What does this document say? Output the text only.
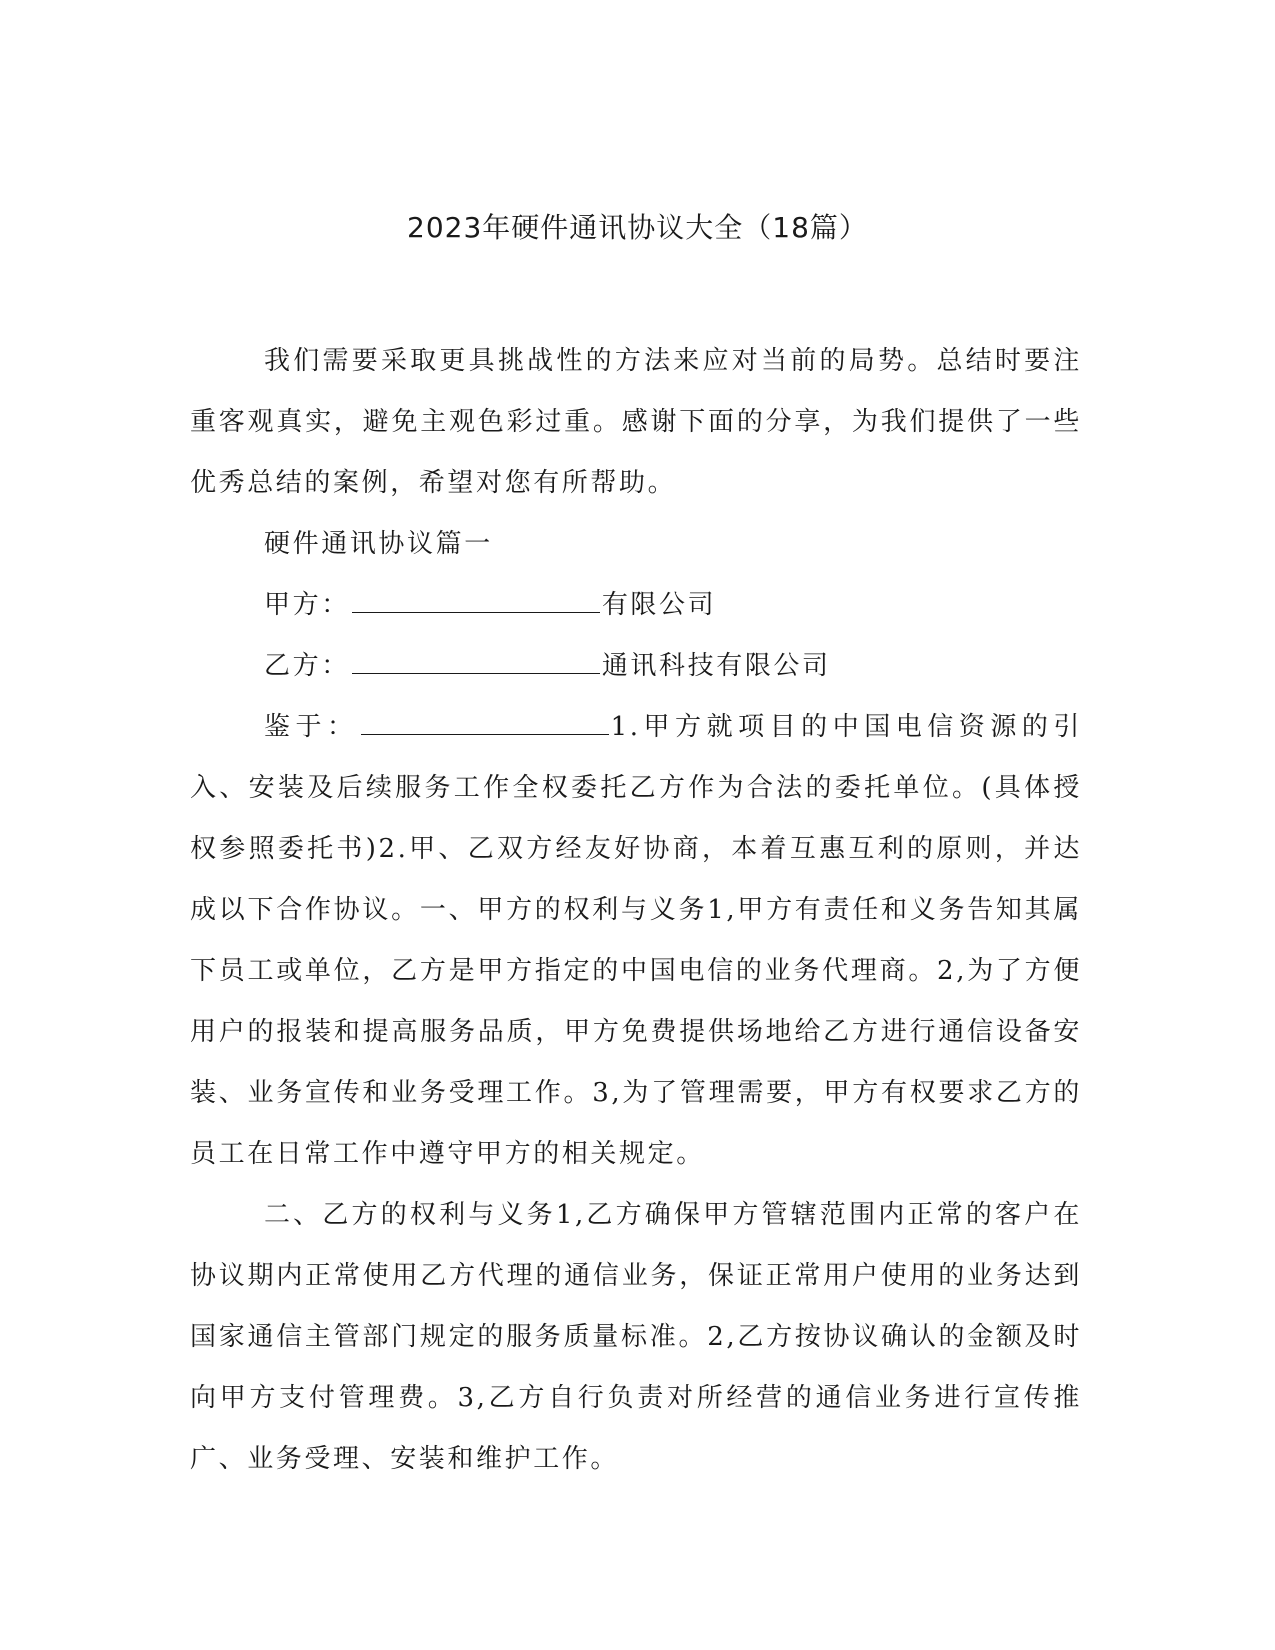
2023年硬件通讯协议大全（18篇）

我们需要采取更具挑战性的方法来应对当前的局势。总结时要注重客观真实，避免主观色彩过重。感谢下面的分享，为我们提供了一些优秀总结的案例，希望对您有所帮助。

硬件通讯协议篇一

甲方：	有限公司

乙方：	通讯科技有限公司

鉴于：	1.甲方就项目的中国电信资源的引入、安装及后续服务工作全权委托乙方作为合法的委托单位。(具体授权参照委托书)2.甲、乙双方经友好协商，本着互惠互利的原则，并达成以下合作协议。一、甲方的权利与义务1,甲方有责任和义务告知其属下员工或单位，乙方是甲方指定的中国电信的业务代理商。2,为了方便用户的报装和提高服务品质，甲方免费提供场地给乙方进行通信设备安装、业务宣传和业务受理工作。3,为了管理需要，甲方有权要求乙方的员工在日常工作中遵守甲方的相关规定。

二、乙方的权利与义务1,乙方确保甲方管辖范围内正常的客户在协议期内正常使用乙方代理的通信业务，保证正常用户使用的业务达到国家通信主管部门规定的服务质量标准。2,乙方按协议确认的金额及时向甲方支付管理费。3,乙方自行负责对所经营的通信业务进行宣传推广、业务受理、安装和维护工作。
